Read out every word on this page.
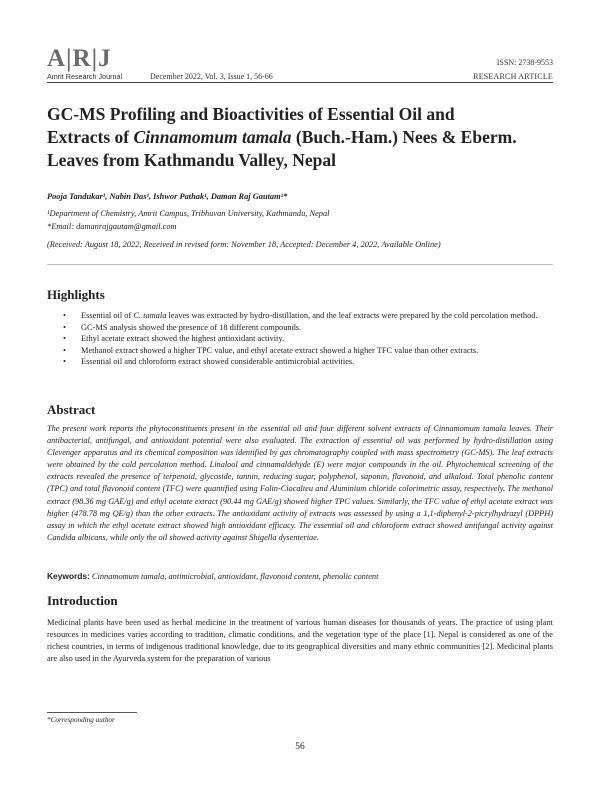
A|R|J
Amrit Research Journal	December 2022, Vol. 3, Issue 1, 56-66
ISSN: 2738-9553
RESEARCH ARTICLE
GC-MS Profiling and Bioactivities of Essential Oil and
Extracts of Cinnamomum tamala (Buch.-Ham.) Nees & Eberm.
Leaves from Kathmandu Valley, Nepal
Pooja Tandukar¹, Nabin Das¹, Ishwor Pathak¹, Daman Raj Gautam¹*
¹Department of Chemistry, Amrit Campus, Tribhuvan University, Kathmandu, Nepal
*Email: damanrajgautam@gmail.com
(Received: August 18, 2022, Received in revised form: November 18, Accepted: December 4, 2022, Available Online)
Highlights
• Essential oil of C. tamala leaves was extracted by hydro-distillation, and the leaf extracts were prepared by the cold percolation method.
• GC-MS analysis showed the presence of 18 different compounds.
• Ethyl acetate extract showed the highest antioxidant activity.
• Methanol extract showed a higher TPC value, and ethyl acetate extract showed a higher TFC value than other extracts.
• Essential oil and chloroform extract showed considerable antimicrobial activities.
Abstract
The present work reports the phytoconstituents present in the essential oil and four different solvent extracts of Cinnamomum tamala leaves. Their antibacterial, antifungal, and antioxidant potential were also evaluated. The extraction of essential oil was performed by hydro-distillation using Clevenger apparatus and its chemical composition was identified by gas chromatography coupled with mass spectrometry (GC-MS). The leaf extracts were obtained by the cold percolation method. Linalool and cinnamaldehyde (E) were major compounds in the oil. Phytochemical screening of the extracts revealed the presence of terpenoid, glycoside, tannin, reducing sugar, polyphenol, saponin, flavonoid, and alkaloid. Total phenolic content (TPC) and total flavonoid content (TFC) were quantified using Folin-Ciocalteu and Aluminium chloride colorimetric assay, respectively. The methanol extract (98.36 mg GAE/g) and ethyl acetate extract (90.44 mg GAE/g) showed higher TPC values. Similarly, the TFC value of ethyl acetate extract was higher (478.78 mg QE/g) than the other extracts. The antioxidant activity of extracts was assessed by using a 1,1-diphenyl-2-picrylhydrazyl (DPPH) assay in which the ethyl acetate extract showed high antioxidant efficacy. The essential oil and chloroform extract showed antifungal activity against Candida albicans, while only the oil showed activity against Shigella dysenteriae.
Keywords: Cinnamomum tamala, antimicrobial, antioxidant, flavonoid content, phenolic content
Introduction
Medicinal plants have been used as herbal medicine in the treatment of various human diseases for thousands of years. The practice of using plant resources in medicines varies according to tradition, climatic conditions, and the vegetation type of the place [1]. Nepal is considered as one of the richest countries, in terms of indigenous traditional knowledge, due to its geographical diversities and many ethnic communities [2]. Medicinal plants are also used in the Ayurveda system for the preparation of various
*Corresponding author
56
